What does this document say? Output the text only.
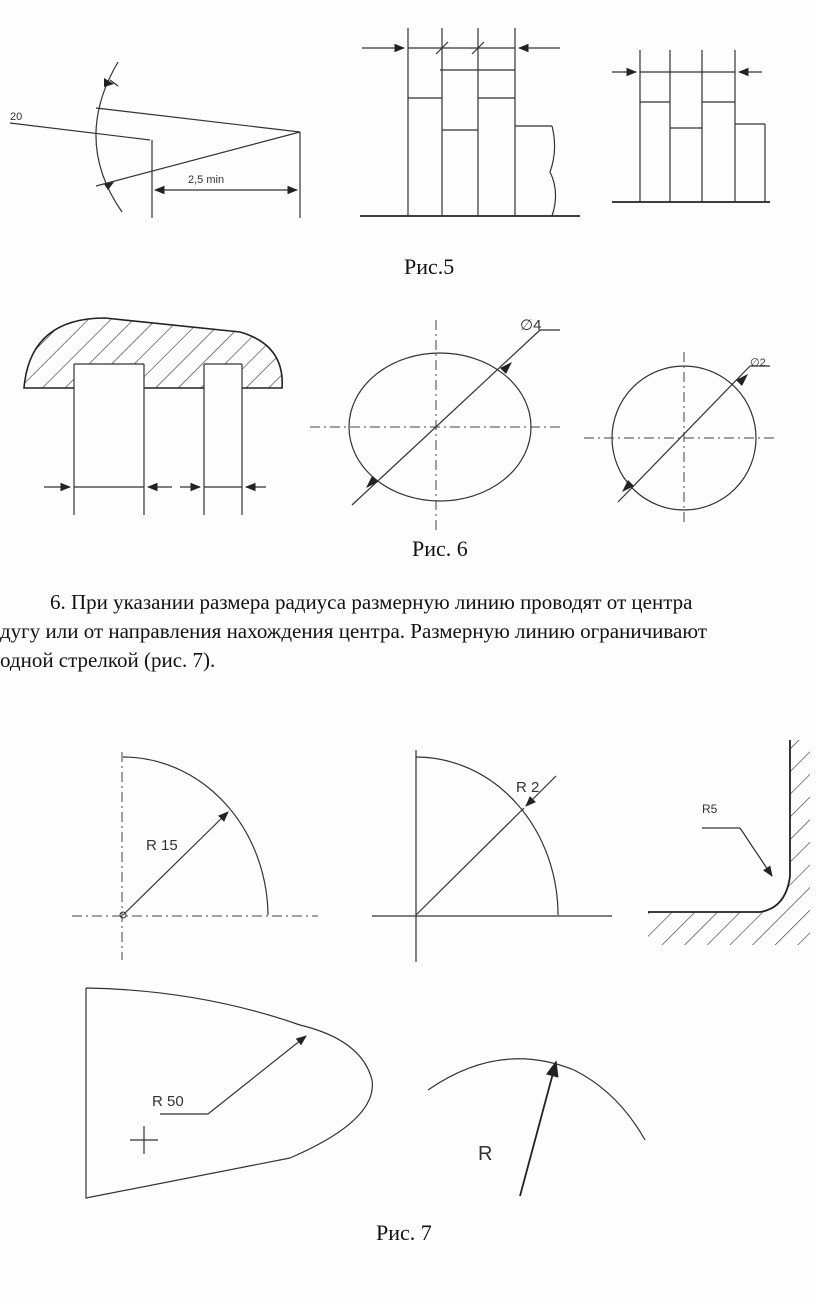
20
2,5 min
∅4
∅2
R 15
R 2
R5
R 50
R
Рис.5
Рис. 6

6. При указании размера радиуса размерную линию проводят от центра

дугу или от направления нахождения центра. Размерную линию ограничивают

одной стрелкой (рис. 7).

Рис. 7
